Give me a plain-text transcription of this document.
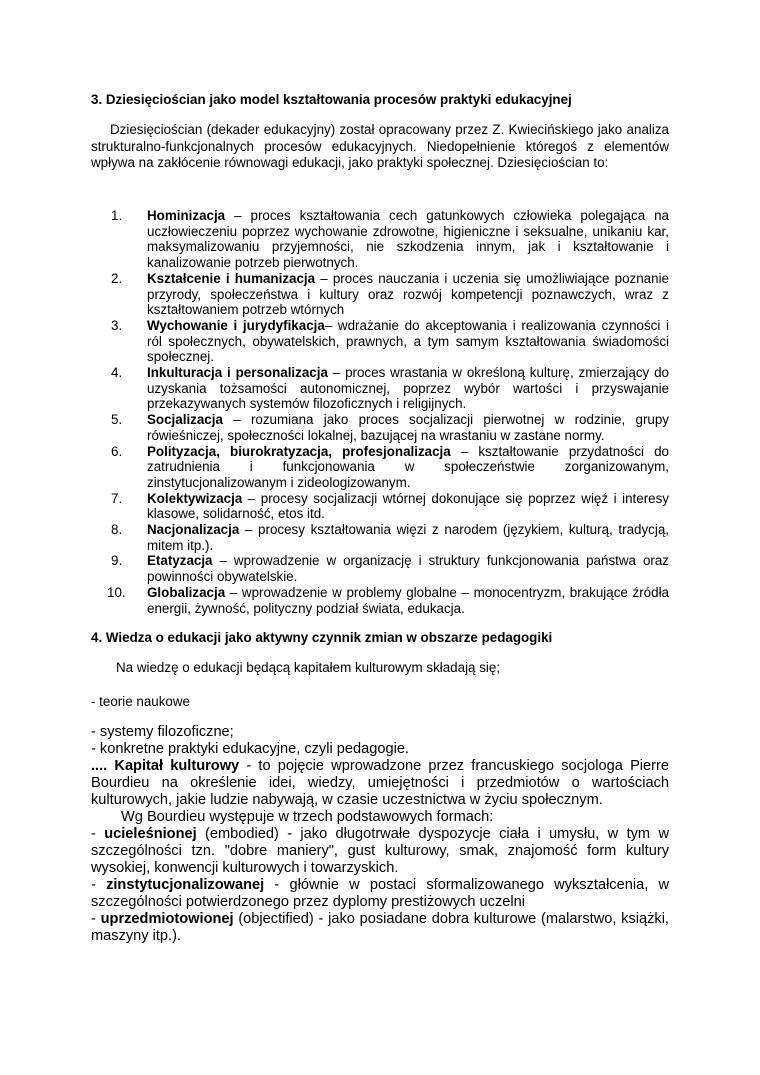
3. Dziesięciościan jako model kształtowania procesów praktyki edukacyjnej
Dziesięciościan (dekader edukacyjny) został opracowany przez Z. Kwiecińskiego jako analiza strukturalno-funkcjonalnych procesów edukacyjnych. Niedopełnienie któregoś z elementów wpływa na zakłócenie równowagi edukacji, jako praktyki społecznej. Dziesięciościan to:
1. Hominizacja – proces kształtowania cech gatunkowych człowieka polegająca na uczłowieczeniu poprzez wychowanie zdrowotne, higieniczne i seksualne, unikaniu kar, maksymalizowaniu przyjemności, nie szkodzenia innym, jak i kształtowanie i kanalizowanie potrzeb pierwotnych.
2. Kształcenie i humanizacja – proces nauczania i uczenia się umożliwiające poznanie przyrody, społeczeństwa i kultury oraz rozwój kompetencji poznawczych, wraz z kształtowaniem potrzeb wtórnych
3. Wychowanie i jurydyfikacja– wdrażanie do akceptowania i realizowania czynności i ról społecznych, obywatelskich, prawnych, a tym samym kształtowania świadomości społecznej.
4. Inkulturacja i personalizacja – proces wrastania w określoną kulturę, zmierzający do uzyskania tożsamości autonomicznej, poprzez wybór wartości i przyswajanie przekazywanych systemów filozoficznych i religijnych.
5. Socjalizacja – rozumiana jako proces socjalizacji pierwotnej w rodzinie, grupy rówieśniczej, społeczności lokalnej, bazującej na wrastaniu w zastane normy.
6. Polityzacja, biurokratyzacja, profesjonalizacja – kształtowanie przydatności do zatrudnienia i funkcjonowania w społeczeństwie zorganizowanym, zinstytucjonalizowanym i zideologizowanym.
7. Kolektywizacja – procesy socjalizacji wtórnej dokonujące się poprzez więź i interesy klasowe, solidarność, etos itd.
8. Nacjonalizacja – procesy kształtowania więzi z narodem (językiem, kulturą, tradycją, mitem itp.).
9. Etatyzacja – wprowadzenie w organizację i struktury funkcjonowania państwa oraz powinności obywatelskie.
10. Globalizacja – wprowadzenie w problemy globalne – monocentryzm, brakujące źródła energii, żywność, polityczny podział świata, edukacja.
4. Wiedza o edukacji jako aktywny czynnik zmian w obszarze pedagogiki
Na wiedzę o edukacji będącą kapitałem kulturowym składają się;
- teorie naukowe
- systemy filozoficzne;
- konkretne praktyki edukacyjne, czyli pedagogie.
.... Kapitał kulturowy - to pojęcie wprowadzone przez francuskiego socjologa Pierre Bourdieu na określenie idei, wiedzy, umiejętności i przedmiotów o wartościach kulturowych, jakie ludzie nabywają, w czasie uczestnictwa w życiu społecznym.
Wg Bourdieu występuje w trzech podstawowych formach:
- ucieleśnionej (embodied) - jako długotrwałe dyspozycje ciała i umysłu, w tym w szczególności tzn. "dobre maniery", gust kulturowy, smak, znajomość form kultury wysokiej, konwencji kulturowych i towarzyskich.
- zinstytucjonalizowanej - głównie w postaci sformalizowanego wykształcenia, w szczególności potwierdzonego przez dyplomy prestiżowych uczelni
- uprzedmiotowionej (objectified) - jako posiadane dobra kulturowe (malarstwo, książki, maszyny itp.).
